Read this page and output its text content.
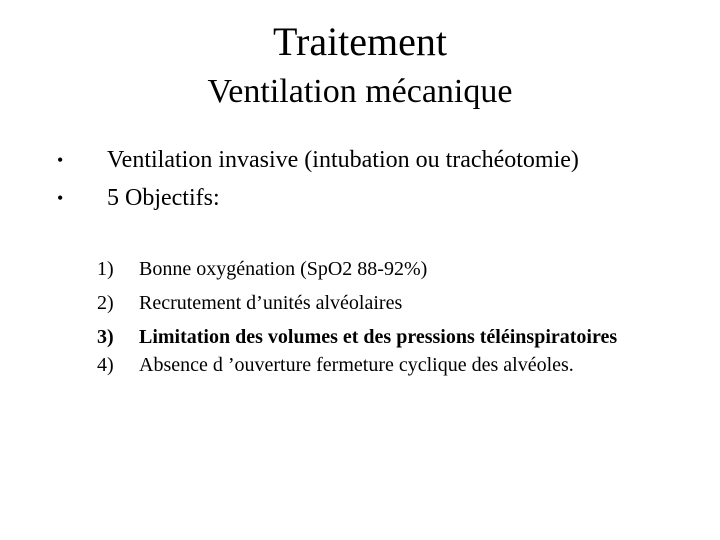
Traitement
Ventilation mécanique
• Ventilation invasive (intubation ou trachéotomie)
• 5 Objectifs:
1) Bonne oxygénation (SpO2 88-92%)
2) Recrutement d’unités alvéolaires
3) Limitation des volumes et des pressions téléinspiratoires
4) Absence d ’ouverture fermeture cyclique des alvéoles.
